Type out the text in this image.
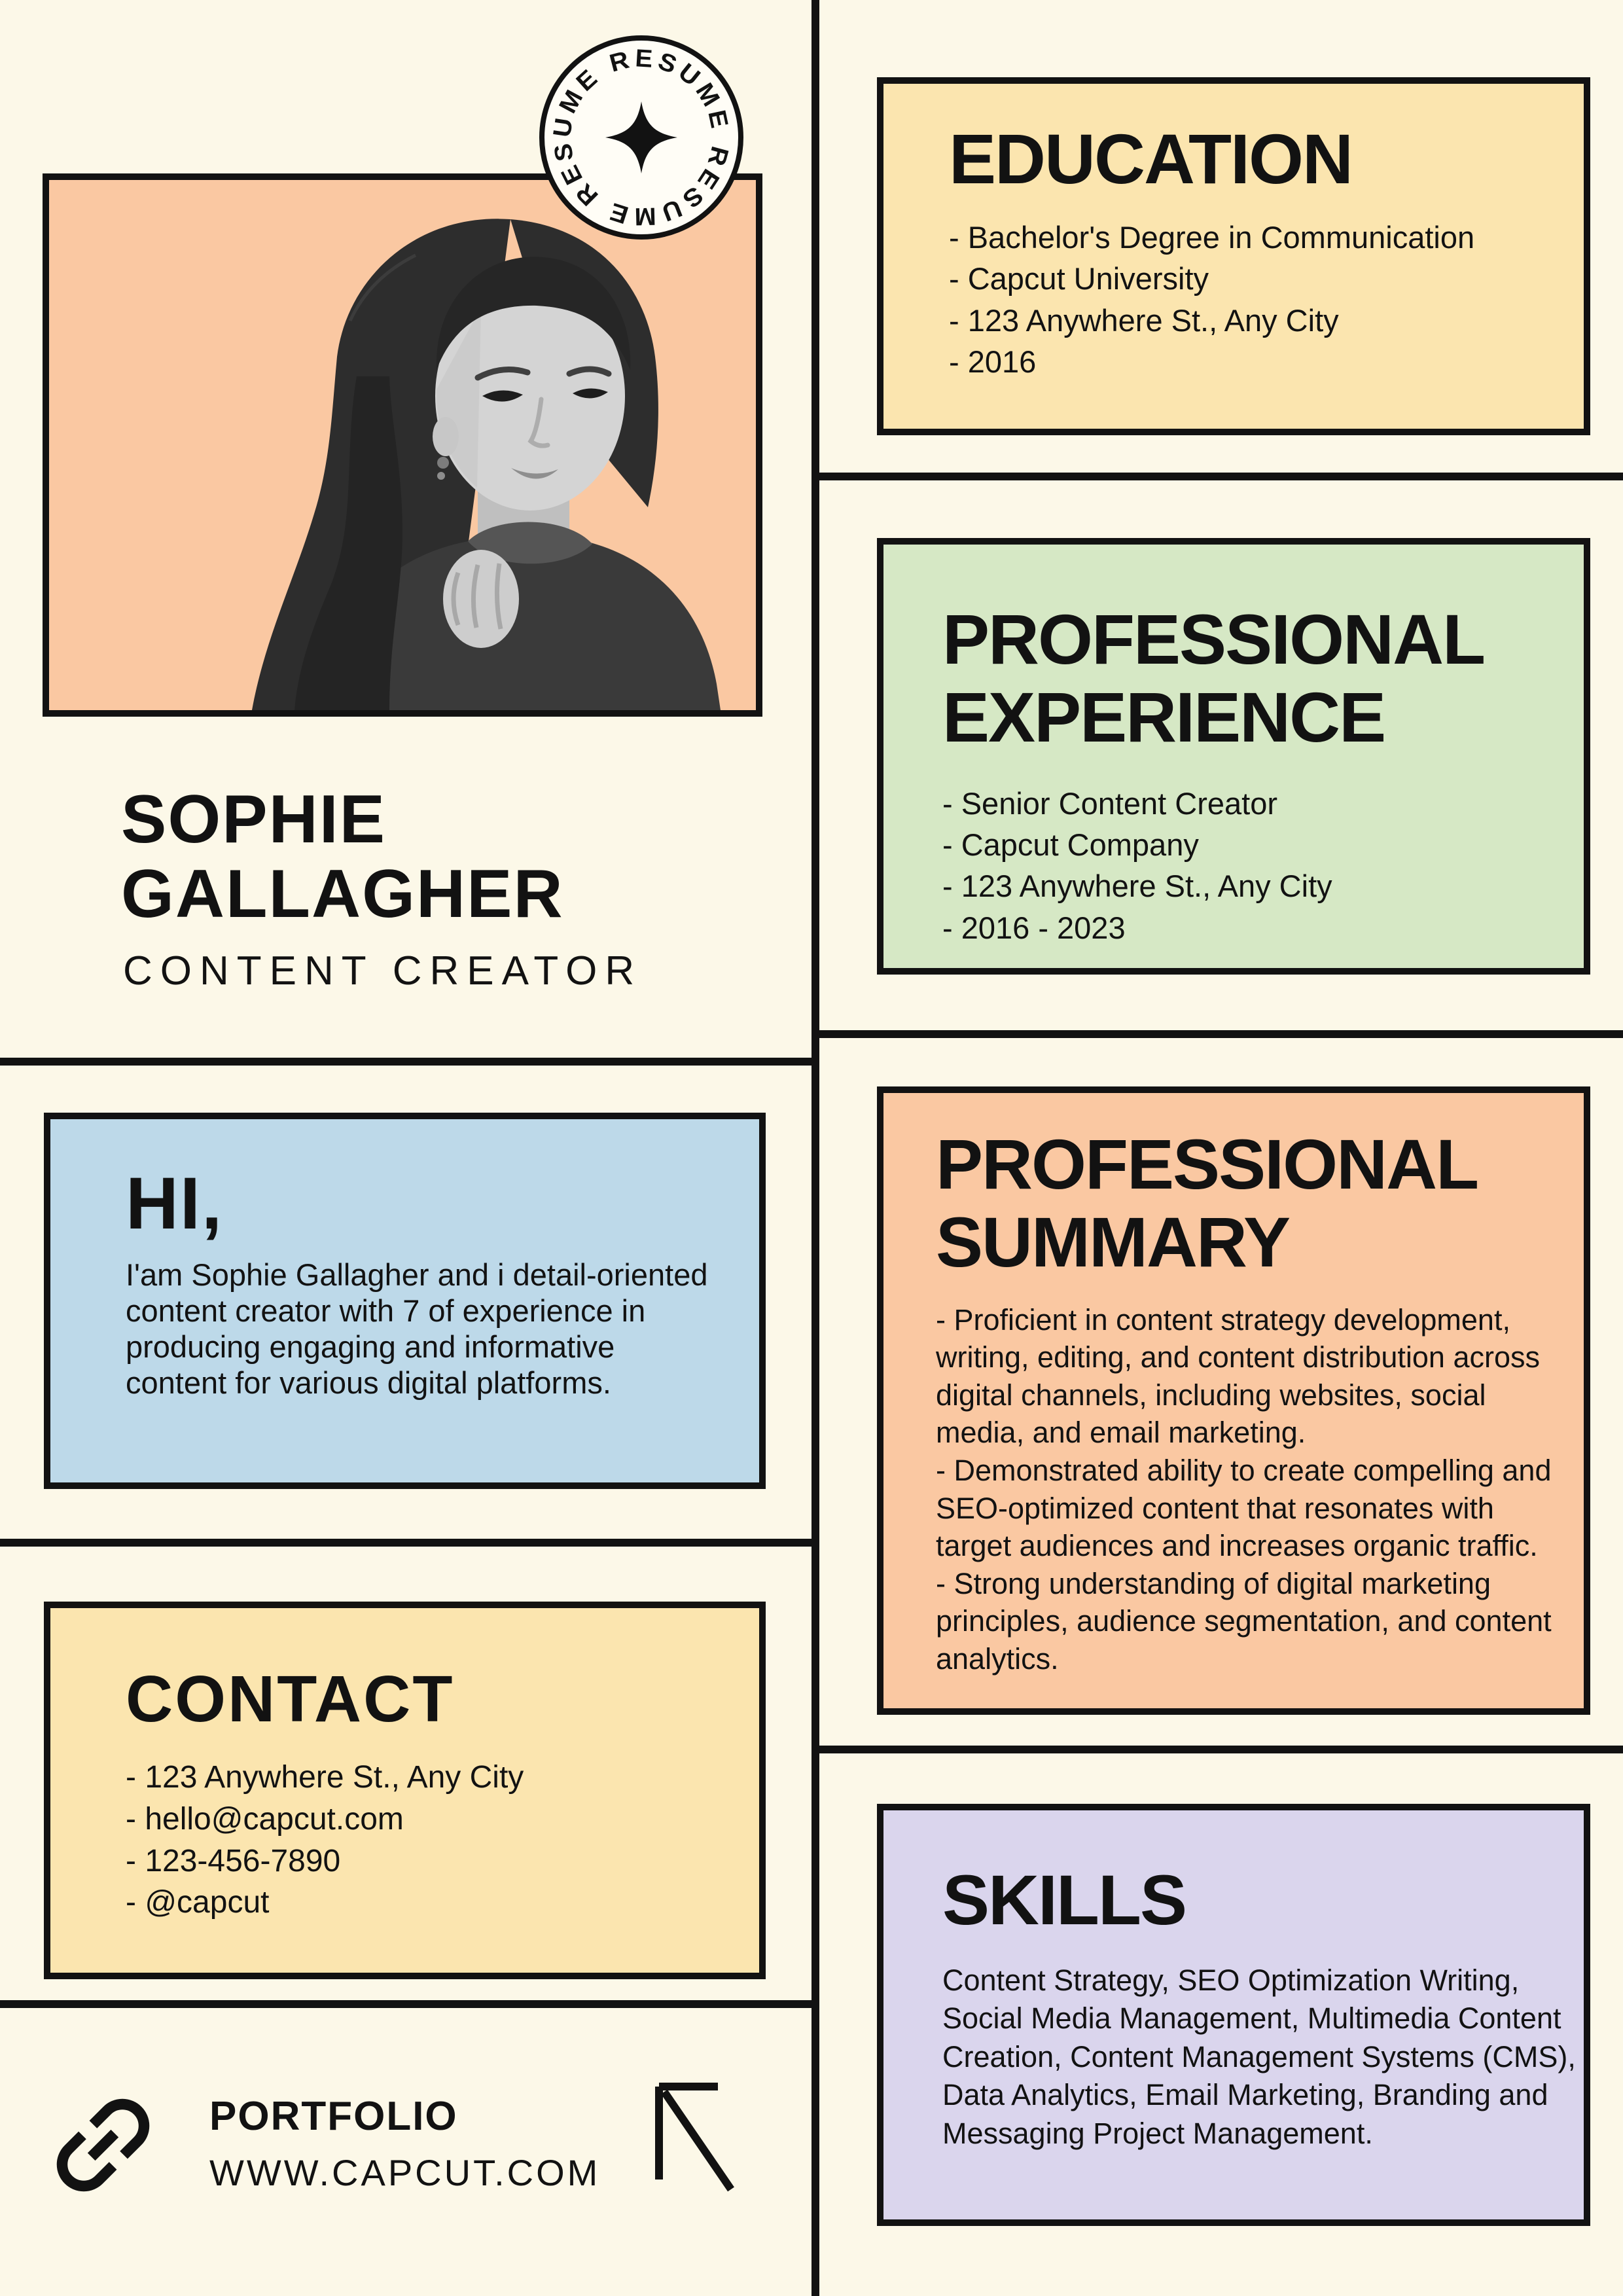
RESUME RESUME RESUME
SOPHIE
GALLAGHER
CONTENT CREATOR
HI,
I'am Sophie Gallagher and i detail-oriented content creator with 7 of experience in producing engaging and informative content for various digital platforms.
CONTACT
- 123 Anywhere St., Any City
- hello@capcut.com
- 123-456-7890
- @capcut
PORTFOLIO
WWW.CAPCUT.COM
EDUCATION
- Bachelor's Degree in Communication
- Capcut University
- 123 Anywhere St., Any City
- 2016
PROFESSIONAL
EXPERIENCE
- Senior Content Creator
- Capcut Company
- 123 Anywhere St., Any City
- 2016 - 2023
PROFESSIONAL
SUMMARY
- Proficient in content strategy development, writing, editing, and content distribution across digital channels, including websites, social media, and email marketing.
- Demonstrated ability to create compelling and SEO-optimized content that resonates with target audiences and increases organic traffic.
- Strong understanding of digital marketing principles, audience segmentation, and content analytics.
SKILLS
Content Strategy, SEO Optimization Writing, Social Media Management, Multimedia Content Creation, Content Management Systems (CMS), Data Analytics, Email Marketing, Branding and Messaging Project Management.
